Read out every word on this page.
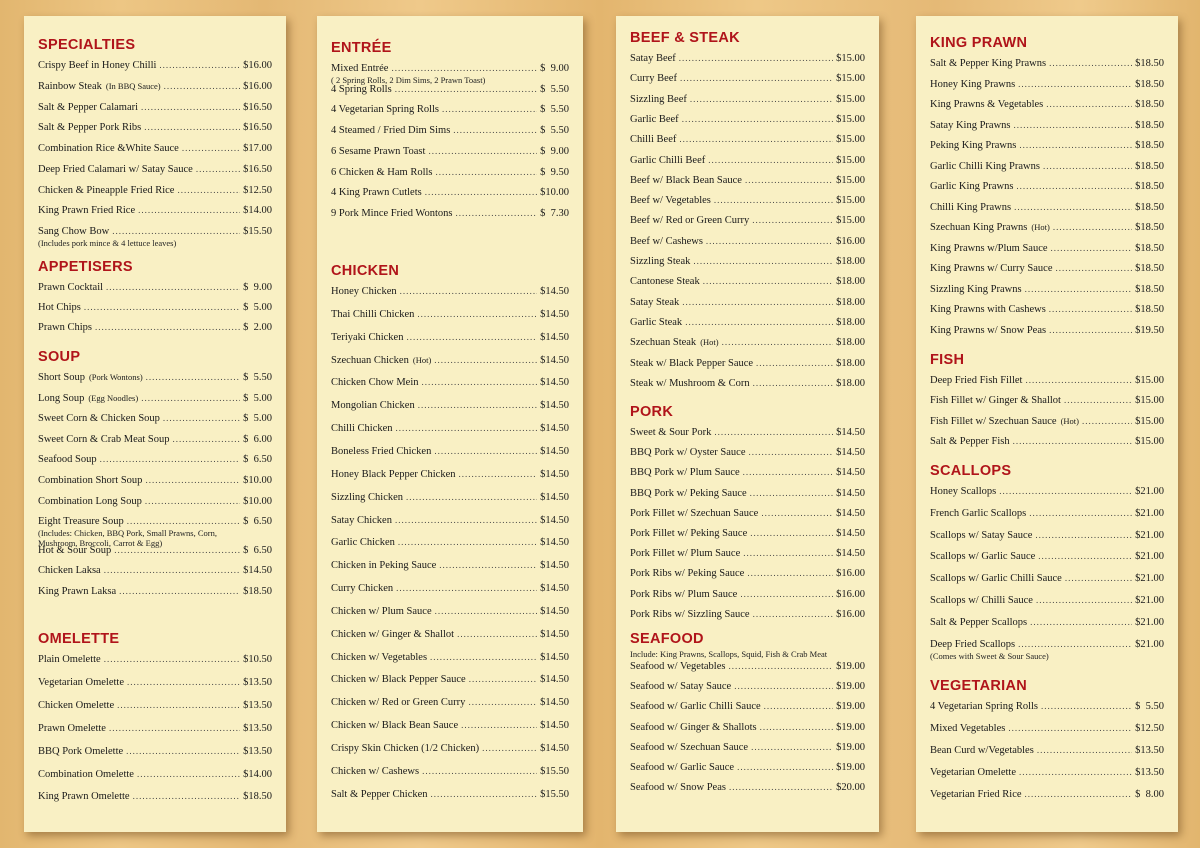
SPECIALTIES
Crispy Beef in Honey Chilli .....	$16.00
Rainbow Steak (In BBQ Sauce) .....	$16.00
Salt & Pepper Calamari .....	$16.50
Salt & Pepper Pork Ribs .....	$16.50
Combination Rice &White Sauce .....	$17.00
Deep Fried Calamari w/ Satay Sauce .....	$16.50
Chicken & Pineapple Fried Rice .....	$12.50
King Prawn Fried Rice .....	$14.00
Sang Chow Bow .....	$15.50
(Includes pork mince & 4 lettuce leaves)
APPETISERS
Prawn Cocktail .....	$  9.00
Hot Chips .....	$  5.00
Prawn Chips .....	$  2.00
SOUP
Short Soup (Pork Wontons) .....	$  5.50
Long Soup (Egg Noodles) .....	$  5.00
Sweet Corn & Chicken Soup .....	$  5.00
Sweet Corn & Crab Meat Soup .....	$  6.00
Seafood Soup .....	$  6.50
Combination Short Soup .....	$10.00
Combination Long Soup .....	$10.00
Eight Treasure Soup .....	$  6.50
(Includes: Chicken, BBQ Pork, Small Prawns, Corn, Mushroom, Broccoli, Carrot & Egg)
Hot & Sour Soup .....	$  6.50
Chicken Laksa .....	$14.50
King Prawn Laksa .....	$18.50
OMELETTE
Plain Omelette .....	$10.50
Vegetarian Omelette .....	$13.50
Chicken Omelette .....	$13.50
Prawn Omelette .....	$13.50
BBQ Pork Omelette .....	$13.50
Combination Omelette .....	$14.00
King Prawn Omelette .....	$18.50
ENTRÉE
Mixed Entrée .....	$  9.00
( 2 Spring Rolls, 2 Dim Sims, 2 Prawn Toast)
4 Spring Rolls .....	$  5.50
4 Vegetarian Spring Rolls .....	$  5.50
4 Steamed / Fried Dim Sims .....	$  5.50
6 Sesame Prawn Toast .....	$  9.00
6 Chicken & Ham Rolls .....	$  9.50
4 King Prawn Cutlets .....	$10.00
9 Pork Mince Fried Wontons .....	$  7.30
CHICKEN
Honey Chicken .....	$14.50
Thai Chilli Chicken .....	$14.50
Teriyaki Chicken .....	$14.50
Szechuan Chicken (Hot) .....	$14.50
Chicken Chow Mein .....	$14.50
Mongolian Chicken .....	$14.50
Chilli Chicken .....	$14.50
Boneless Fried Chicken .....	$14.50
Honey Black Pepper Chicken .....	$14.50
Sizzling Chicken .....	$14.50
Satay Chicken .....	$14.50
Garlic Chicken .....	$14.50
Chicken in Peking Sauce .....	$14.50
Curry Chicken .....	$14.50
Chicken w/ Plum Sauce .....	$14.50
Chicken w/ Ginger & Shallot .....	$14.50
Chicken w/ Vegetables .....	$14.50
Chicken w/ Black Pepper Sauce .....	$14.50
Chicken w/ Red or Green Curry .....	$14.50
Chicken w/ Black Bean Sauce .....	$14.50
Crispy Skin Chicken (1/2 Chicken) .....	$14.50
Chicken w/ Cashews .....	$15.50
Salt & Pepper Chicken .....	$15.50
BEEF & STEAK
Satay Beef .....	$15.00
Curry Beef .....	$15.00
Sizzling Beef .....	$15.00
Garlic Beef .....	$15.00
Chilli Beef .....	$15.00
Garlic Chilli Beef .....	$15.00
Beef w/ Black Bean Sauce .....	$15.00
Beef w/ Vegetables .....	$15.00
Beef w/ Red or Green Curry .....	$15.00
Beef w/ Cashews .....	$16.00
Sizzling Steak .....	$18.00
Cantonese Steak .....	$18.00
Satay Steak .....	$18.00
Garlic Steak .....	$18.00
Szechuan Steak (Hot) .....	$18.00
Steak w/ Black Pepper Sauce .....	$18.00
Steak w/ Mushroom & Corn .....	$18.00
PORK
Sweet & Sour Pork .....	$14.50
BBQ Pork w/ Oyster Sauce .....	$14.50
BBQ Pork w/ Plum Sauce .....	$14.50
BBQ Pork w/ Peking Sauce .....	$14.50
Pork Fillet w/ Szechuan Sauce .....	$14.50
Pork Fillet w/ Peking Sauce .....	$14.50
Pork Fillet w/ Plum Sauce .....	$14.50
Pork Ribs w/ Peking Sauce .....	$16.00
Pork Ribs w/ Plum Sauce .....	$16.00
Pork Ribs w/ Sizzling Sauce .....	$16.00
SEAFOOD
Include: King Prawns, Scallops, Squid, Fish & Crab Meat
Seafood w/ Vegetables .....	$19.00
Seafood w/ Satay Sauce .....	$19.00
Seafood w/ Garlic Chilli Sauce .....	$19.00
Seafood w/ Ginger & Shallots .....	$19.00
Seafood w/ Szechuan Sauce .....	$19.00
Seafood w/ Garlic Sauce .....	$19.00
Seafood w/ Snow Peas .....	$20.00
KING PRAWN
Salt & Pepper King Prawns .....	$18.50
Honey King Prawns .....	$18.50
King Prawns & Vegetables .....	$18.50
Satay King Prawns .....	$18.50
Peking King Prawns .....	$18.50
Garlic Chilli King Prawns .....	$18.50
Garlic King Prawns .....	$18.50
Chilli King Prawns .....	$18.50
Szechuan King Prawns (Hot) .....	$18.50
King Prawns w/Plum Sauce .....	$18.50
King Prawns w/ Curry Sauce .....	$18.50
Sizzling King Prawns .....	$18.50
King Prawns with Cashews .....	$18.50
King Prawns w/ Snow Peas .....	$19.50
FISH
Deep Fried Fish Fillet .....	$15.00
Fish Fillet w/ Ginger & Shallot .....	$15.00
Fish Fillet w/ Szechuan Sauce (Hot) .....	$15.00
Salt & Pepper Fish .....	$15.00
SCALLOPS
Honey Scallops .....	$21.00
French Garlic Scallops .....	$21.00
Scallops w/ Satay Sauce .....	$21.00
Scallops w/ Garlic Sauce .....	$21.00
Scallops w/ Garlic Chilli Sauce .....	$21.00
Scallops w/ Chilli Sauce .....	$21.00
Salt & Pepper Scallops .....	$21.00
Deep Fried Scallops .....	$21.00
(Comes with Sweet & Sour Sauce)
VEGETARIAN
4 Vegetarian Spring Rolls .....	$  5.50
Mixed Vegetables .....	$12.50
Bean Curd w/Vegetables .....	$13.50
Vegetarian Omelette .....	$13.50
Vegetarian Fried Rice .....	$  8.00
